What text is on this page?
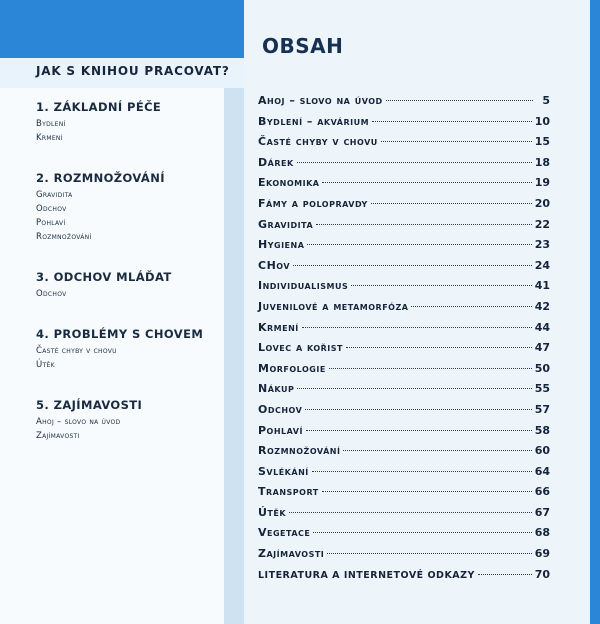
JAK S KNIHOU PRACOVAT?
1. ZÁKLADNÍ PÉČE
Bydlení
Krmení
2. ROZMNOŽOVÁNÍ
Gravidita
Odchov
Pohlaví
Rozmnožování
3. ODCHOV MLÁĎAT
Odchov
4. PROBLÉMY S CHOVEM
Časté chyby v chovu
Útěk
5. ZAJÍMAVOSTI
Ahoj – slovo na úvod
Zajímavosti
OBSAH
Ahoj – slovo na úvod	5
Bydlení – akvárium	10
Časté chyby v chovu	15
Dárek	18
Ekonomika	19
Fámy a polopravdy	20
Gravidita	22
Hygiena	23
CHov	24
Individualismus	41
Juvenilové a metamorfóza	42
Krmení	44
Lovec a kořist	47
Morfologie	50
Nákup	55
Odchov	57
Pohlaví	58
Rozmnožování	60
Svlékání	64
Transport	66
Útěk	67
Vegetace	68
Zajímavosti	69
LITERATURA A INTERNETOVÉ ODKAZY	70
